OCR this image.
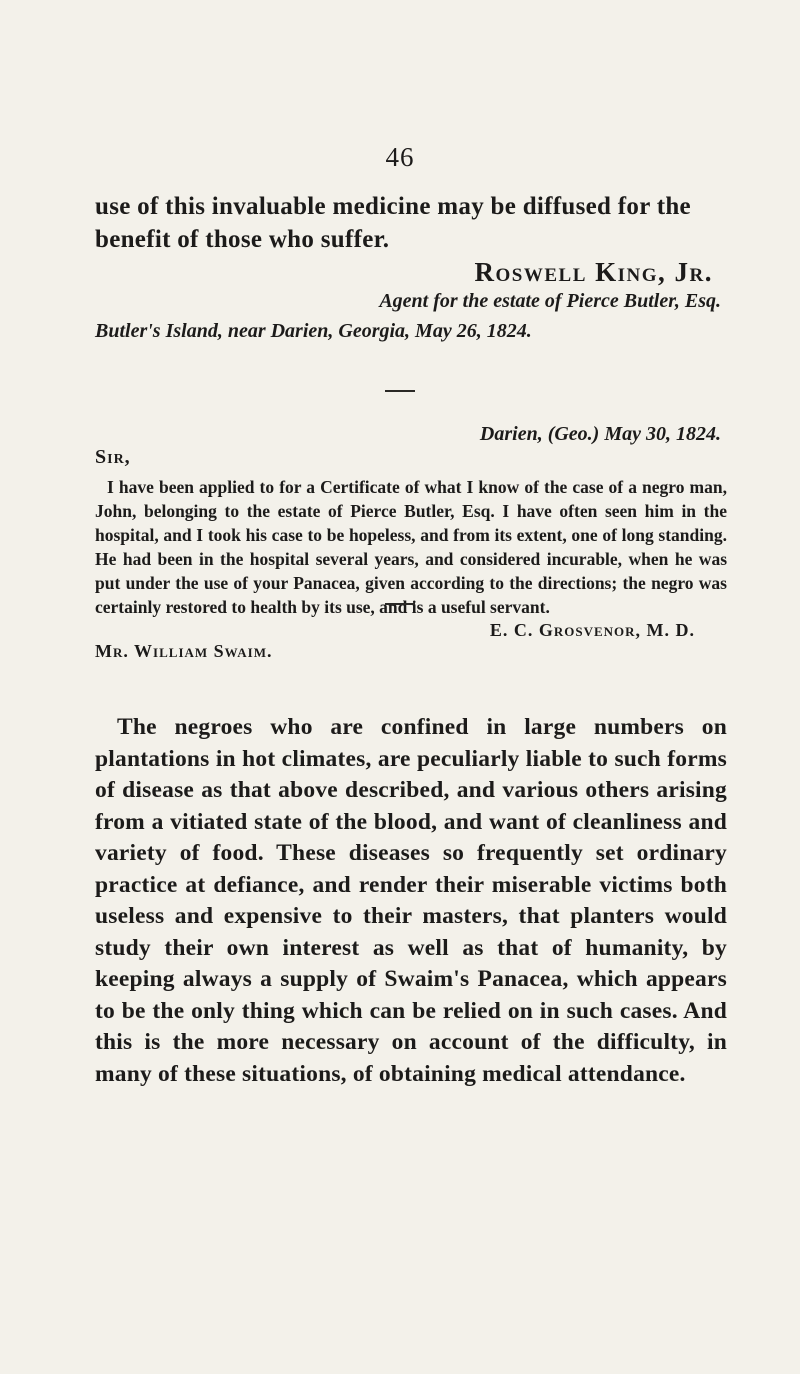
46

use of this invaluable medicine may be diffused for the benefit of those who suffer.

Roswell King, Jr.
Agent for the estate of Pierce Butler, Esq.
Butler's Island, near Darien, Georgia, May 26, 1824.
Darien, (Geo.) May 30, 1824.
Sir,

I have been applied to for a Certificate of what I know of the case of a negro man, John, belonging to the estate of Pierce Butler, Esq. I have often seen him in the hospital, and I took his case to be hopeless, and from its extent, one of long standing. He had been in the hospital several years, and considered incurable, when he was put under the use of your Panacea, given according to the directions; the negro was certainly restored to health by its use, and is a useful servant.

E. C. Grosvenor, M. D.
Mr. William Swaim.

The negroes who are confined in large numbers on plantations in hot climates, are peculiarly liable to such forms of disease as that above described, and various others arising from a vitiated state of the blood, and want of cleanliness and variety of food. These diseases so frequently set ordinary practice at defiance, and render their miserable victims both useless and expensive to their masters, that planters would study their own interest as well as that of humanity, by keeping always a supply of Swaim's Panacea, which appears to be the only thing which can be relied on in such cases. And this is the more necessary on account of the difficulty, in many of these situations, of obtaining medical attendance.
